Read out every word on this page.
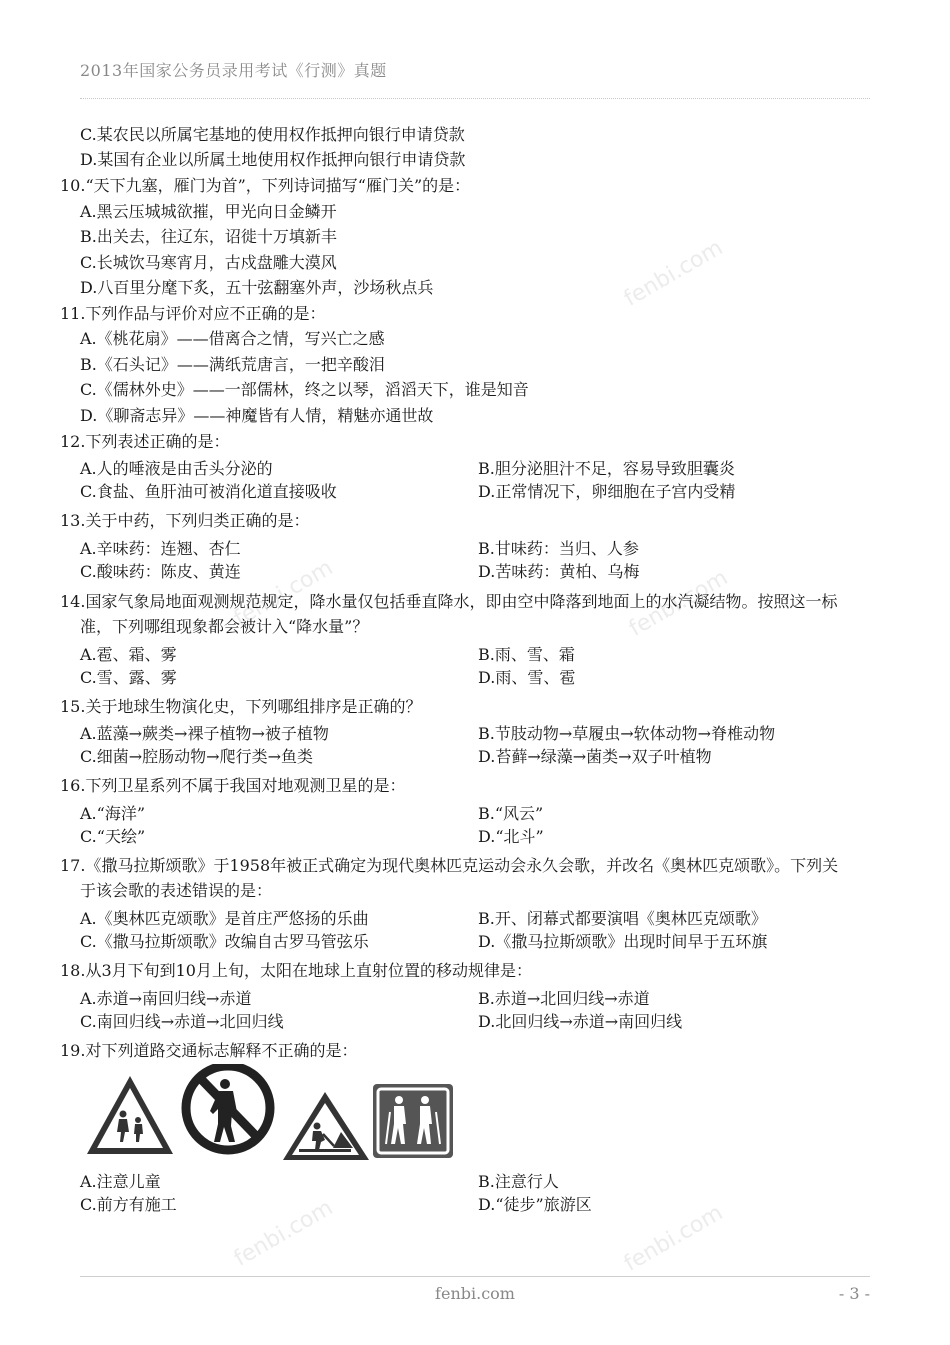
fenbi.com
fenbi.com	fenbi.com
fenbi.com	fenbi.com
2013年国家公务员录用考试《行测》真题
C.某农民以所属宅基地的使用权作抵押向银行申请贷款
D.某国有企业以所属土地使用权作抵押向银行申请贷款
10.“天下九塞，雁门为首”，下列诗词描写“雁门关”的是：
A.黑云压城城欲摧，甲光向日金鳞开
B.出关去，往辽东，诏徙十万填新丰
C.长城饮马寒宵月，古戍盘雕大漠风
D.八百里分麾下炙，五十弦翻塞外声，沙场秋点兵
11.下列作品与评价对应不正确的是：
A.《桃花扇》——借离合之情，写兴亡之感
B.《石头记》——满纸荒唐言，一把辛酸泪
C.《儒林外史》——一部儒林，终之以琴，滔滔天下，谁是知音
D.《聊斋志异》——神魔皆有人情，精魅亦通世故
12.下列表述正确的是：
A.人的唾液是由舌头分泌的	B.胆分泌胆汁不足，容易导致胆囊炎
C.食盐、鱼肝油可被消化道直接吸收	D.正常情况下，卵细胞在子宫内受精
13.关于中药，下列归类正确的是：
A.辛味药：连翘、杏仁	B.甘味药：当归、人参
C.酸味药：陈皮、黄连	D.苦味药：黄柏、乌梅
14.国家气象局地面观测规范规定，降水量仅包括垂直降水，即由空中降落到地面上的水汽凝结物。按照这一标
准，下列哪组现象都会被计入“降水量”？
A.雹、霜、雾	B.雨、雪、霜
C.雪、露、雾	D.雨、雪、雹
15.关于地球生物演化史，下列哪组排序是正确的？
A.蓝藻→蕨类→裸子植物→被子植物	B.节肢动物→草履虫→软体动物→脊椎动物
C.细菌→腔肠动物→爬行类→鱼类	D.苔藓→绿藻→菌类→双子叶植物
16.下列卫星系列不属于我国对地观测卫星的是：
A.“海洋”	B.“风云”
C.“天绘”	D.“北斗”
17.《撒马拉斯颂歌》于1958年被正式确定为现代奥林匹克运动会永久会歌，并改名《奥林匹克颂歌》。下列关
于该会歌的表述错误的是：
A.《奥林匹克颂歌》是首庄严悠扬的乐曲	B.开、闭幕式都要演唱《奥林匹克颂歌》
C.《撒马拉斯颂歌》改编自古罗马管弦乐	D.《撒马拉斯颂歌》出现时间早于五环旗
18.从3月下旬到10月上旬，太阳在地球上直射位置的移动规律是：
A.赤道→南回归线→赤道	B.赤道→北回归线→赤道
C.南回归线→赤道→北回归线	D.北回归线→赤道→南回归线
19.对下列道路交通标志解释不正确的是：
A.注意儿童	B.注意行人
C.前方有施工	D.“徒步”旅游区
fenbi.com	- 3 -
